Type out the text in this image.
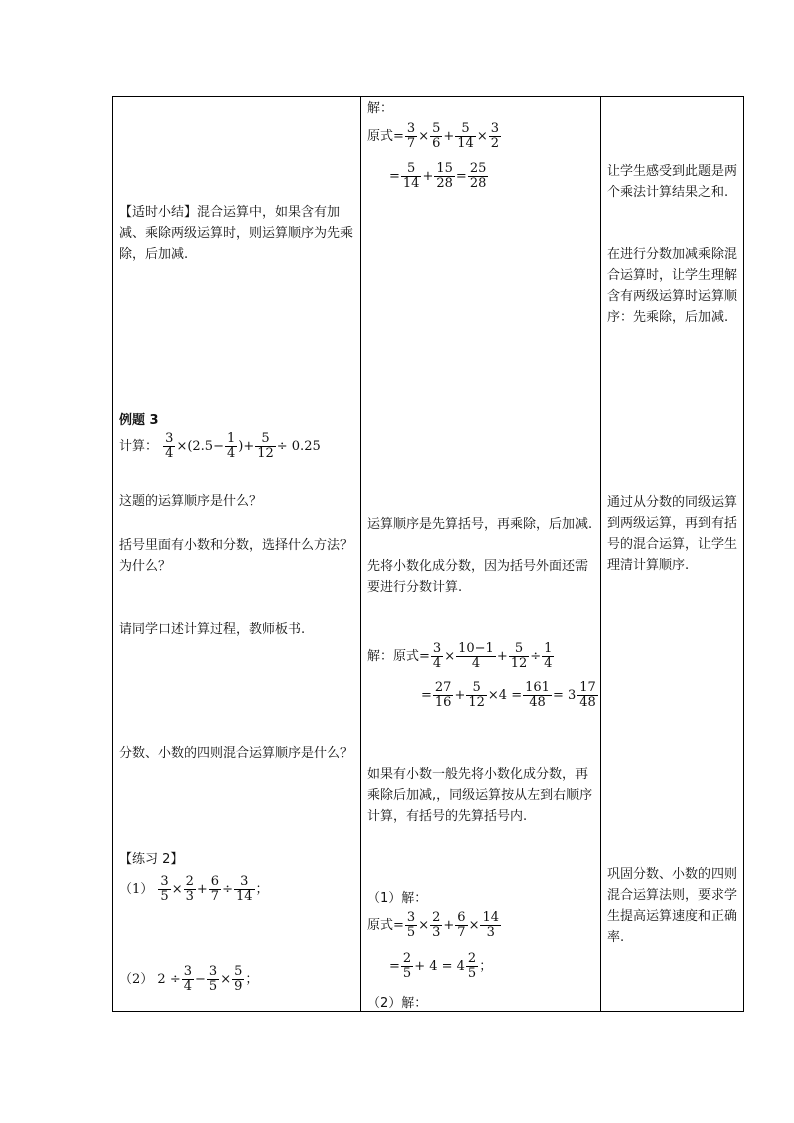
【适时小结】混合运算中，如果含有加减、乘除两级运算时，则运算顺序为先乘除，后加减.
例题 3
计算： $\frac{3}{4} \times(2.5- \frac{1}{4}$ )+ $\frac{5}{12} \div 0.25$
这题的运算顺序是什么？
括号里面有小数和分数，选择什么方法？为什么？
请同学口述计算过程，教师板书.
分数、小数的四则混合运算顺序是什么？
【练习 2】
$(1) \frac{3}{5} \times \frac{2}{3} + \frac{6}{7} \div \frac{3}{14}$ ；
（2） $2 \div \frac{3}{4} - \frac{3}{5} \times \frac{5}{9}$ ；
解：
原式= $\frac{3}{7} \times \frac{5}{6} + \frac{5}{14} \times \frac{3}{2}$
= $\frac{5}{14} + \frac{15}{28} = \frac{25}{28}$
运算顺序是先算括号，再乘除，后加减.
先将小数化成分数，因为括号外面还需要进行分数计算.
解：原式= $\frac{3}{4} \times \frac{10-1}{4} + \frac{5}{12} \div \frac{1}{4}$
= $\frac{27}{16} + \frac{5}{12} \times 4 = \frac{161}{48} = 3 \frac{17}{48}$
如果有小数一般先将小数化成分数，再乘除后加减,，同级运算按从左到右顺序计算，有括号的先算括号内.
（1）解：
原式= $\frac{3}{5} \times \frac{2}{3} + \frac{6}{7} \times \frac{14}{3}$
= $\frac{2}{5} + 4 = 4 \frac{2}{5}$ ；
（2）解：
让学生感受到此题是两个乘法计算结果之和.
在进行分数加减乘除混合运算时，让学生理解含有两级运算时运算顺序：先乘除，后加减.
通过从分数的同级运算到两级运算，再到有括号的混合运算，让学生理清计算顺序.
巩固分数、小数的四则混合运算法则，要求学生提高运算速度和正确率.
